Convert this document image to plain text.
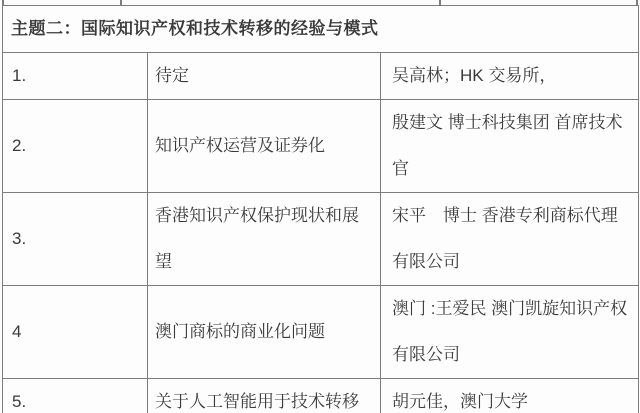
主题二：国际知识产权和技术转移的经验与模式		
1.	待定	吴高林；HK 交易所，
2.	知识产权运营及证券化	殷建文 博士科技集团 首席技术官
3.	香港知识产权保护现状和展望	宋平　博士 香港专利商标代理有限公司
4	澳门商标的商业化问题	澳门 :王爱民 澳门凯旋知识产权有限公司
5.	关于人工智能用于技术转移	胡元佳，澳门大学
